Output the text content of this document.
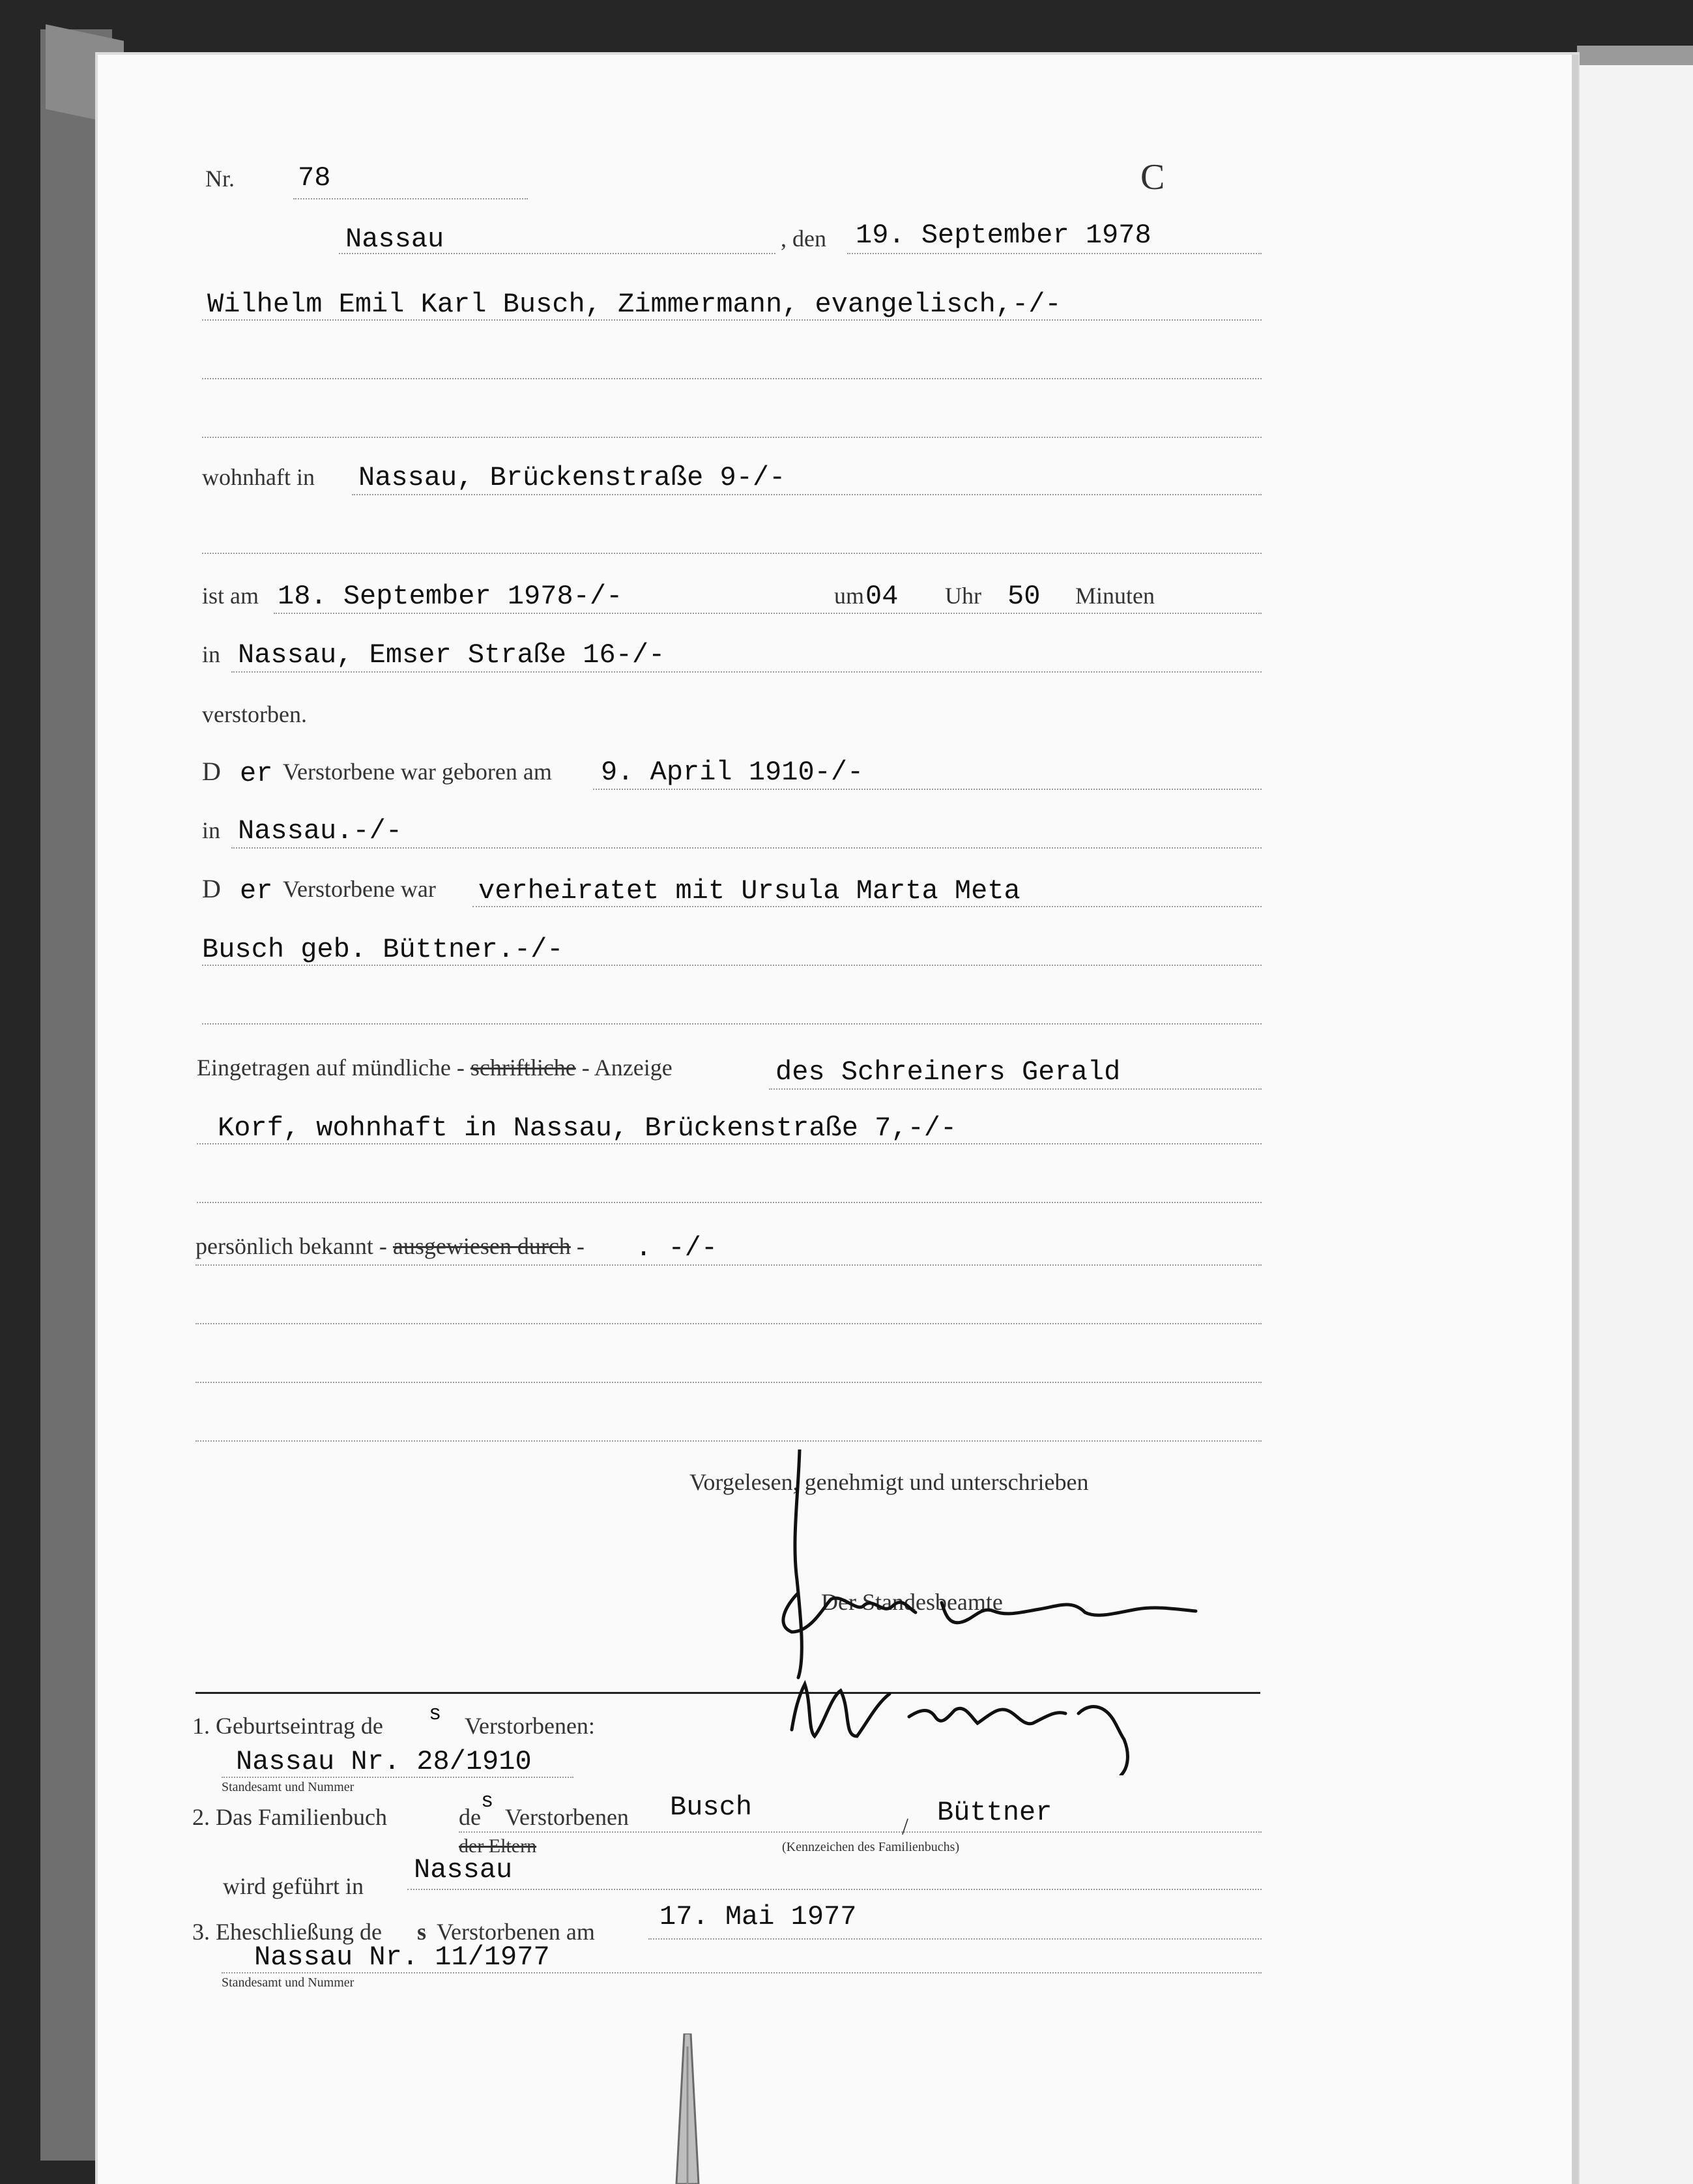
Nr. 78	C
Nassau	, den 19. September 1978
Wilhelm Emil Karl Busch, Zimmermann, evangelisch,-/-
wohnhaft in Nassau, Brückenstraße 9-/-
ist am 18. September 1978-/-	um 04 Uhr 50 Minuten
in Nassau, Emser Straße 16-/-
verstorben.
D er Verstorbene war geboren am 9. April 1910-/-
in Nassau.-/-
D er Verstorbene war verheiratet mit Ursula Marta Meta
Busch geb. Büttner.-/-
Eingetragen auf mündliche - schriftliche - Anzeige	des Schreiners Gerald
Korf, wohnhaft in Nassau, Brückenstraße 7,-/-
persönlich bekannt - ausgewiesen durch - . -/-
Vorgelesen, genehmigt und unterschrieben
Der Standesbeamte
1. Geburtseintrag de s Verstorbenen:
Nassau Nr. 28/1910
Standesamt und Nummer
2. Das Familienbuch	de
s
Verstorbenen Busch
/ Büttner
der Eltern	(Kennzeichen des Familienbuchs)
wird geführt in
Nassau
3. Eheschließung de s Verstorbenen am 17. Mai 1977
Nassau Nr. 11/1977
Standesamt und Nummer
